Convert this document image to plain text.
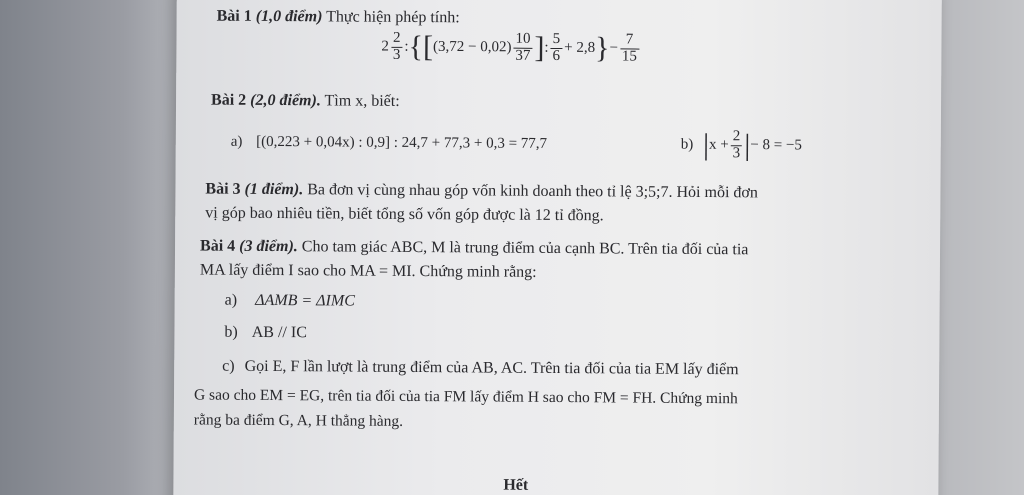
Bài 1 (1,0 điểm) Thực hiện phép tính:
$2 \frac{2}{3}$ :{[(3,72 − $0,02) \frac{10}{37}$ ]: $\frac{5}{6} + 2,8\}- \frac{7}{15}$
Bài 2 (2,0 điểm). Tìm x, biết:
a) [(0,223 + 0,04x) : 0,9] : 24,7 + 77,3 + 0,3 = 77,7	b) $|x + \frac{2}{3}$ |− 8 = −5
Bài 3 (1 điểm). Ba đơn vị cùng nhau góp vốn kinh doanh theo tỉ lệ 3;5;7. Hỏi mỗi đơn
vị góp bao nhiêu tiền, biết tổng số vốn góp được là 12 tỉ đồng.
Bài 4 (3 điểm). Cho tam giác ABC, M là trung điểm của cạnh BC. Trên tia đối của tia
MA lấy điểm I sao cho MA = MI. Chứng minh rằng:
a) ΔAMB = ΔIMC
b) AB // IC
c) Gọi E, F lần lượt là trung điểm của AB, AC. Trên tia đối của tia EM lấy điểm
G sao cho EM = EG, trên tia đối của tia FM lấy điểm H sao cho FM = FH. Chứng minh
rằng ba điểm G, A, H thẳng hàng.
Hết
